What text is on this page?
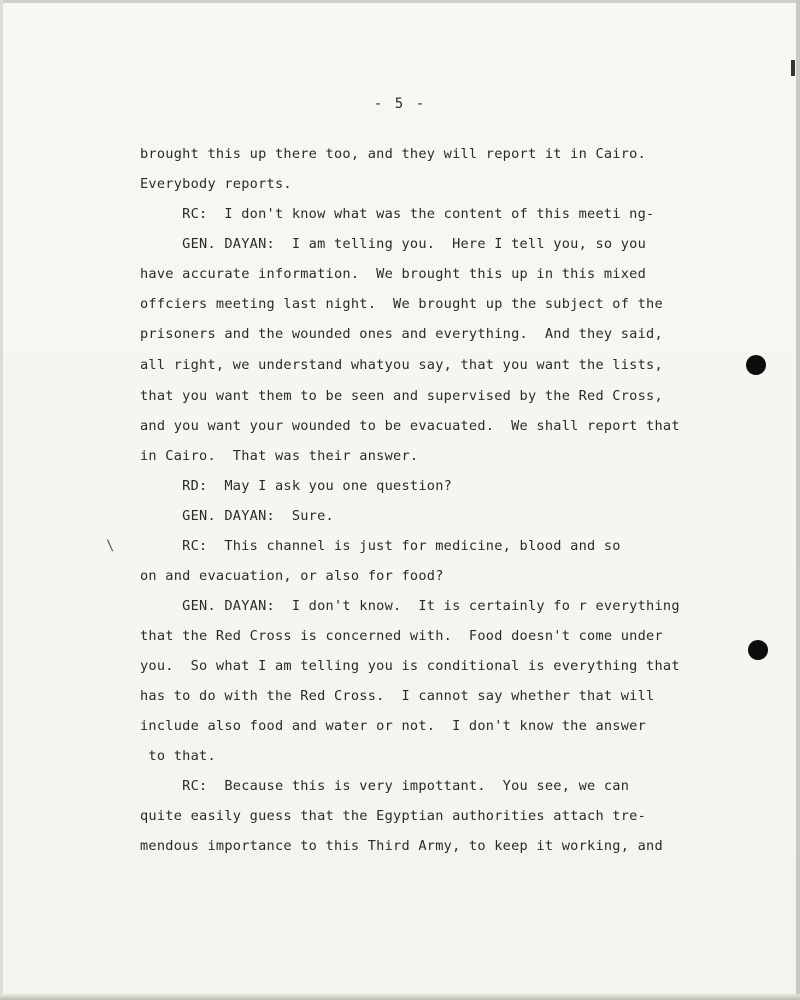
- 5 -
brought this up there too, and they will report it in Cairo.
Everybody reports.
RC:  I don't know what was the content of this meeti ng-
GEN. DAYAN:  I am telling you.  Here I tell you, so you
have accurate information.  We brought this up in this mixed
offciers meeting last night.  We brought up the subject of the
prisoners and the wounded ones and everything.  And they said,
all right, we understand whatyou say, that you want the lists,
that you want them to be seen and supervised by the Red Cross,
and you want your wounded to be evacuated.  We shall report that
in Cairo.  That was their answer.
RD:  May I ask you one question?
GEN. DAYAN:  Sure.
RC:  This channel is just for medicine, blood and so
on and evacuation, or also for food?
GEN. DAYAN:  I don't know.  It is certainly fo r everything
that the Red Cross is concerned with.  Food doesn't come under
you.  So what I am telling you is conditional is everything that
has to do with the Red Cross.  I cannot say whether that will
include also food and water or not.  I don't know the answer
to that.
RC:  Because this is very impottant.  You see, we can
quite easily guess that the Egyptian authorities attach tre-
mendous importance to this Third Army, to keep it working, and
\
